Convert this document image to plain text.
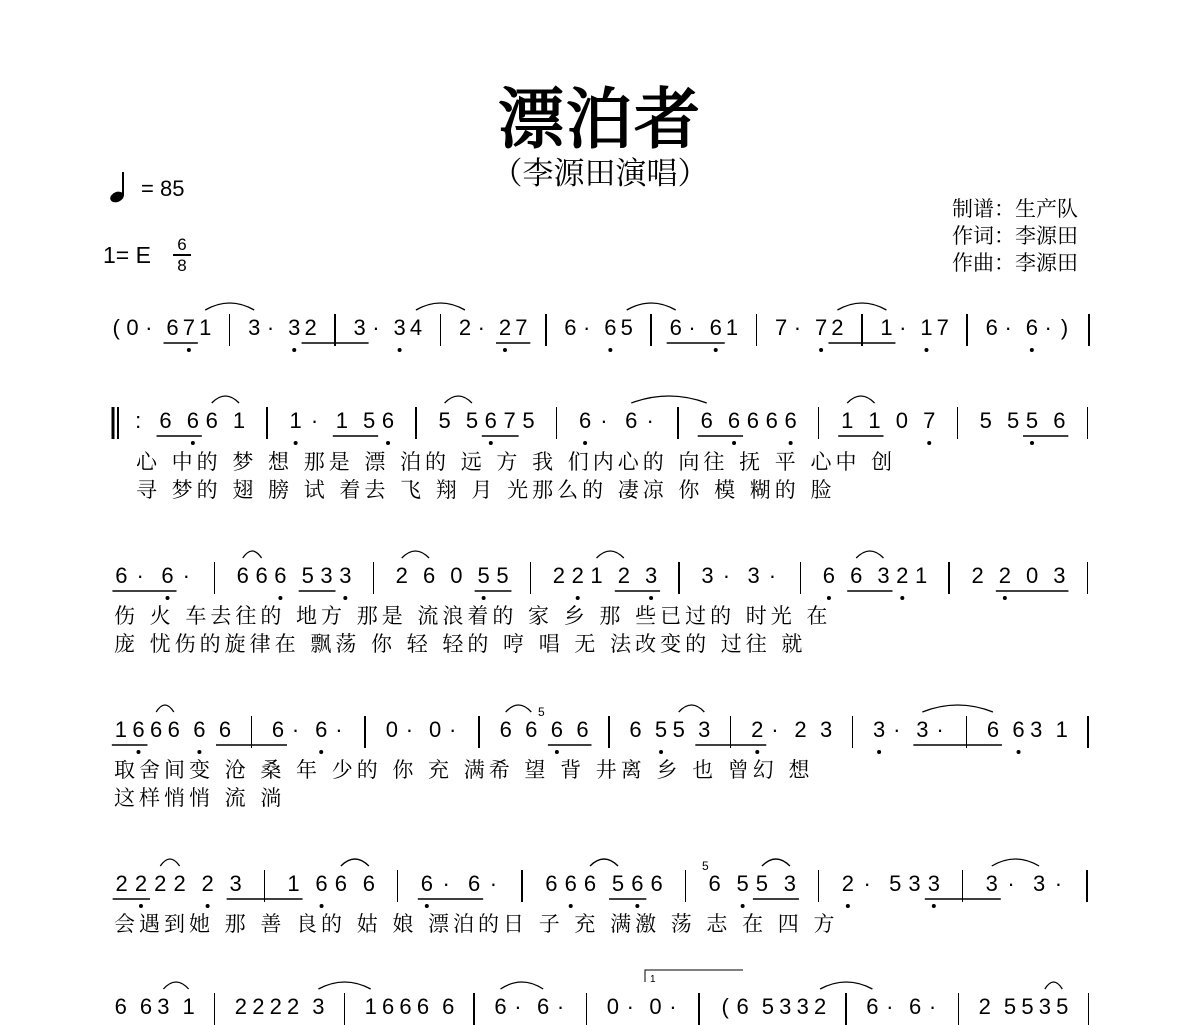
漂泊者
（李源田演唱）
= 85
1= E 6
8
制谱：生产队
作词：李源田
作曲：李源田
( 0 · 6 7 1 3 · 3 2 3 · 3 4 2 · 2 7 6 · 6 5 6 · 6 1 7 · 7 2 1 · 1 7 6 · 6 · )
: 6 6 6 1 1 · 1 5 6 5 5 6 7 5 6 · 6 · 6 6 6 6 6 1 1 0 7 5 5 5 6
心 中的 梦 想 那是 漂 泊的 远 方 我 们内心的 向往 抚 平 心中 创
寻 梦的 翅 膀 试 着去 飞 翔 月 光那么的 凄凉 你 模 糊的 脸
6 · 6 · 6 6 6 5 3 3 2 6 0 5 5 2 2 1 2 3 3 · 3 · 6 6 3 2 1 2 2 0 3
伤 火 车去往的 地方 那是 流浪着的 家 乡 那 些已过的 时光 在
庞 忧伤的旋律在 飘荡 你 轻 轻的 哼 唱 无 法改变的 过往 就
1 6 6 6 6 6 6 · 6 · 0 · 0 · 6 6 6 6 6 5 5 3 2 · 2 3 3 · 3 · 6 6 3 1
取舍间变 沧 桑 年 少的 你 充 满希 望 背 井离 乡 也 曾幻 想
这样悄悄 流 淌
2 2 2 2 2 3 1 6 6 6 6 · 6 · 6 6 6 5 6 6 6 5 5 3 2 · 5 3 3 3 · 3 ·
会遇到她 那 善 良的 姑 娘 漂泊的日 子 充 满激 荡 志 在 四 方
6 6 3 1 2 2 2 2 3 1 6 6 6 6 6 · 6 · 0 · 0 · ( 6 5 3 3 2 6 · 6 · 2 5 5 3 5
1
5
5
